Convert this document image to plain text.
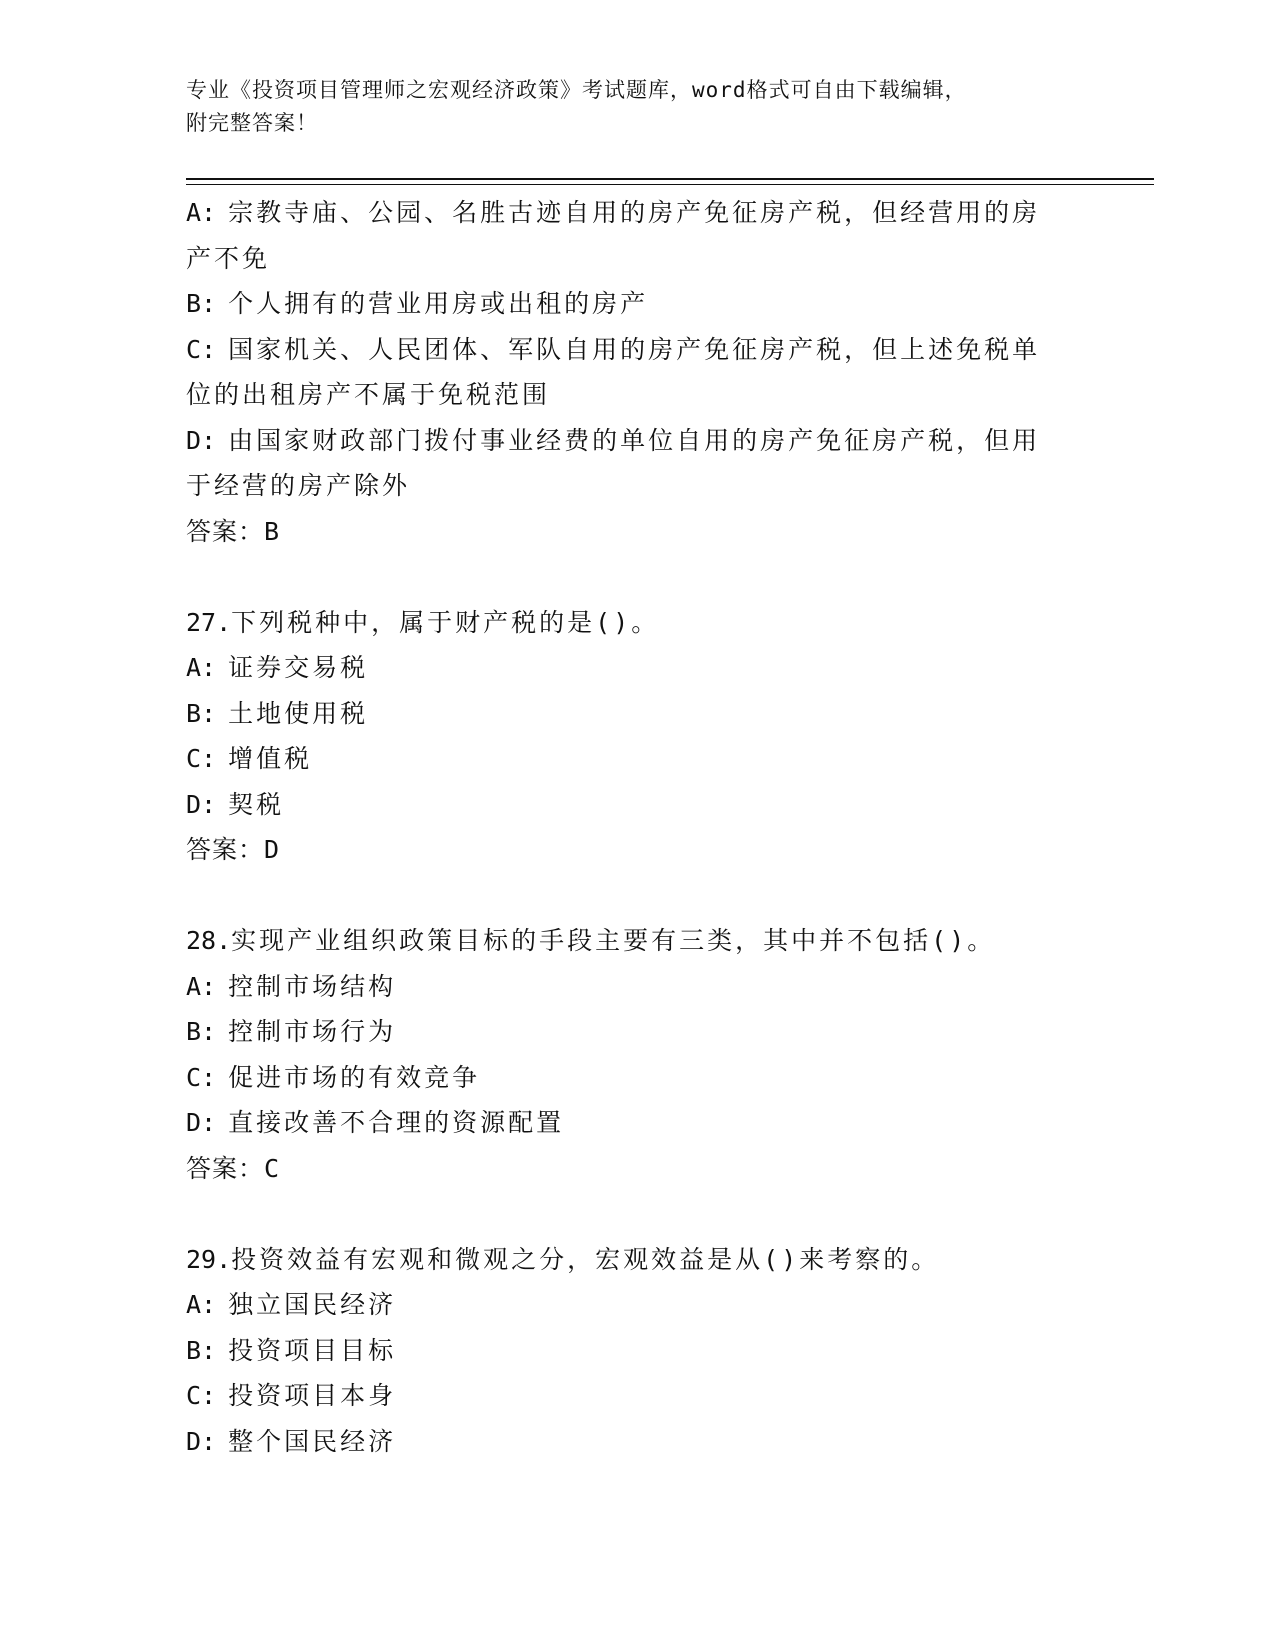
专业《投资项目管理师之宏观经济政策》考试题库，word格式可自由下载编辑，
附完整答案！
A: 宗教寺庙、公园、名胜古迹自用的房产免征房产税，但经营用的房
产不免
B: 个人拥有的营业用房或出租的房产
C: 国家机关、人民团体、军队自用的房产免征房产税，但上述免税单
位的出租房产不属于免税范围
D: 由国家财政部门拨付事业经费的单位自用的房产免征房产税，但用
于经营的房产除外
答案：B
27.下列税种中，属于财产税的是()。
A: 证券交易税
B: 土地使用税
C: 增值税
D: 契税
答案：D
28.实现产业组织政策目标的手段主要有三类，其中并不包括()。
A: 控制市场结构
B: 控制市场行为
C: 促进市场的有效竞争
D: 直接改善不合理的资源配置
答案：C
29.投资效益有宏观和微观之分，宏观效益是从()来考察的。
A: 独立国民经济
B: 投资项目目标
C: 投资项目本身
D: 整个国民经济
